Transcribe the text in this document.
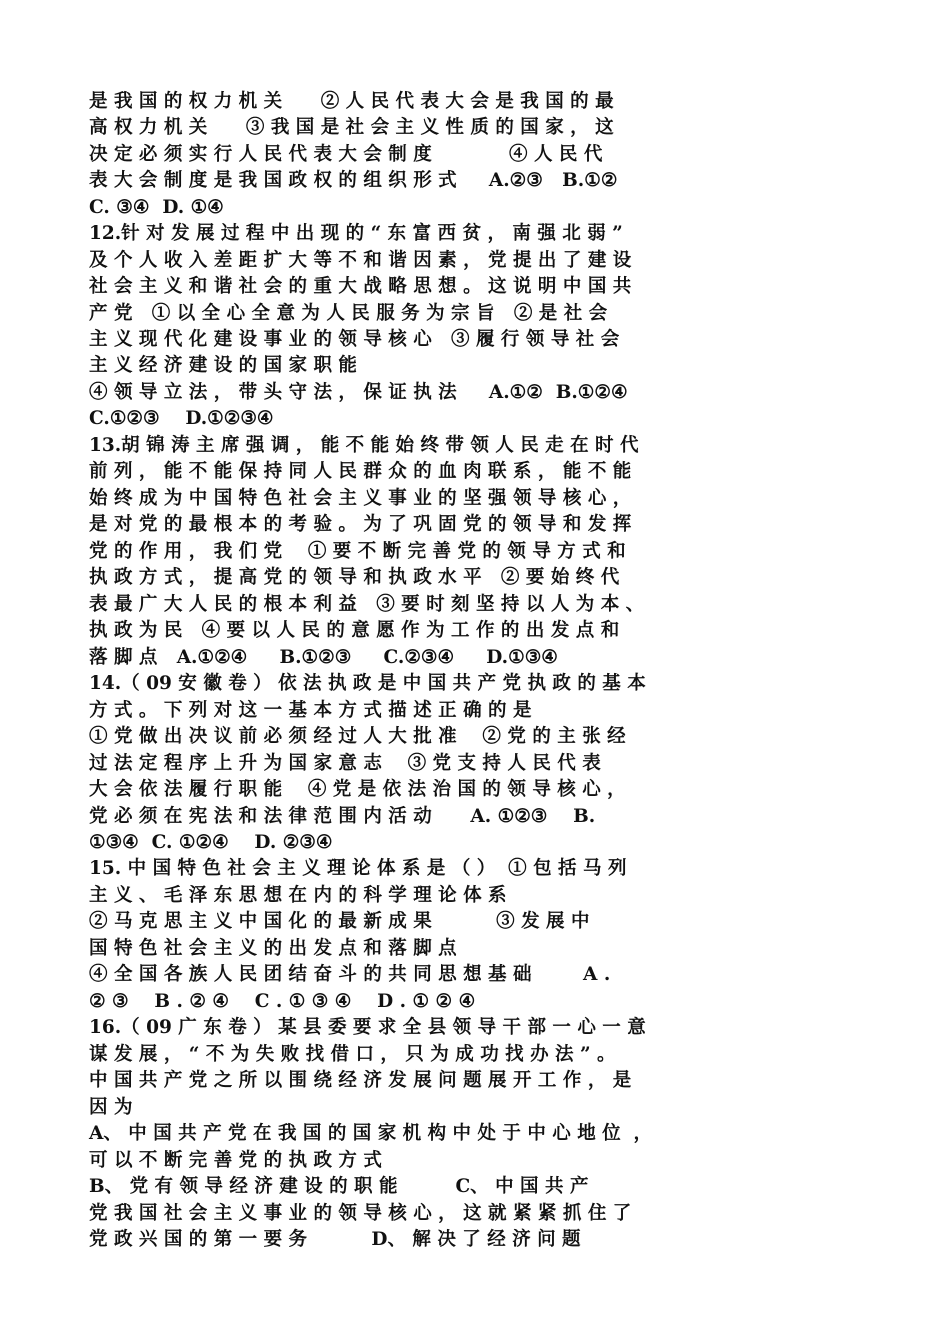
是 我 国 的 权 力 机 关      ② 人 民 代 表 大 会 是 我 国 的 最
高 权 力 机 关      ③ 我 国 是 社 会 主 义 性 质 的 国 家 ， 这
决 定 必 须 实 行 人 民 代 表 大 会 制 度            ④ 人 民 代
表 大 会 制 度 是 我 国 政 权 的 组 织 形 式     A.②③   B.①②
C. ③④  D. ①④
12.针 对 发 展 过 程 中 出 现 的 “ 东 富 西 贫 ， 南 强 北 弱 ”
及 个 人 收 入 差 距 扩 大 等 不 和 谐 因 素 ， 党 提 出 了 建 设
社 会 主 义 和 谐 社 会 的 重 大 战 略 思 想 。 这 说 明 中 国 共
产 党   ① 以 全 心 全 意 为 人 民 服 务 为 宗 旨   ② 是 社 会
主 义 现 代 化 建 设 事 业 的 领 导 核 心   ③ 履 行 领 导 社 会
主 义 经 济 建 设 的 国 家 职 能
④ 领 导 立 法 ， 带 头 守 法 ， 保 证 执 法     A.①②  B.①②④
C.①②③    D.①②③④
13.胡 锦 涛 主 席 强 调 ， 能 不 能 始 终 带 领 人 民 走 在 时 代
前 列 ， 能 不 能 保 持 同 人 民 群 众 的 血 肉 联 系 ， 能 不 能
始 终 成 为 中 国 特 色 社 会 主 义 事 业 的 坚 强 领 导 核 心 ，
是 对 党 的 最 根 本 的 考 验 。 为 了 巩 固 党 的 领 导 和 发 挥
党 的 作 用 ， 我 们 党    ① 要 不 断 完 善 党 的 领 导 方 式 和
执 政 方 式 ， 提 高 党 的 领 导 和 执 政 水 平   ② 要 始 终 代
表 最 广 大 人 民 的 根 本 利 益   ③ 要 时 刻 坚 持 以 人 为 本 、
执 政 为 民   ④ 要 以 人 民 的 意 愿 作 为 工 作 的 出 发 点 和
落 脚 点   A.①②④     B.①②③     C.②③④     D.①③④
14.（ 09 安 徽 卷 ） 依 法 执 政 是 中 国 共 产 党 执 政 的 基 本
方 式 。 下 列 对 这 一 基 本 方 式 描 述 正 确 的 是
① 党 做 出 决 议 前 必 须 经 过 人 大 批 准    ② 党 的 主 张 经
过 法 定 程 序 上 升 为 国 家 意 志    ③ 党 支 持 人 民 代 表
大 会 依 法 履 行 职 能    ④ 党 是 依 法 治 国 的 领 导 核 心 ，
党 必 须 在 宪 法 和 法 律 范 围 内 活 动      A. ①②③    B.
①③④  C. ①②④    D. ②③④
15. 中 国 特 色 社 会 主 义 理 论 体 系 是 （ ）  ① 包 括 马 列
主 义 、 毛 泽 东 思 想 在 内 的 科 学 理 论 体 系
② 马 克 思 主 义 中 国 化 的 最 新 成 果          ③ 发 展 中
国 特 色 社 会 主 义 的 出 发 点 和 落 脚 点
④ 全 国 各 族 人 民 团 结 奋 斗 的 共 同 思 想 基 础        A .
② ③    B . ② ④    C . ① ③ ④    D . ① ② ④
16.（ 09 广 东 卷 ） 某 县 委 要 求 全 县 领 导 干 部 一 心 一 意
谋 发 展 ， “ 不 为 失 败 找 借 口 ， 只 为 成 功 找 办 法 ” 。
中 国 共 产 党 之 所 以 围 绕 经 济 发 展 问 题 展 开 工 作 ， 是
因 为
A、 中 国 共 产 党 在 我 国 的 国 家 机 构 中 处 于 中 心 地 位  ，
可 以 不 断 完 善 党 的 执 政 方 式
B、 党 有 领 导 经 济 建 设 的 职 能         C、 中 国 共 产
党 我 国 社 会 主 义 事 业 的 领 导 核 心 ， 这 就 紧 紧 抓 住 了
党 政 兴 国 的 第 一 要 务          D、 解 决 了 经 济 问 题
